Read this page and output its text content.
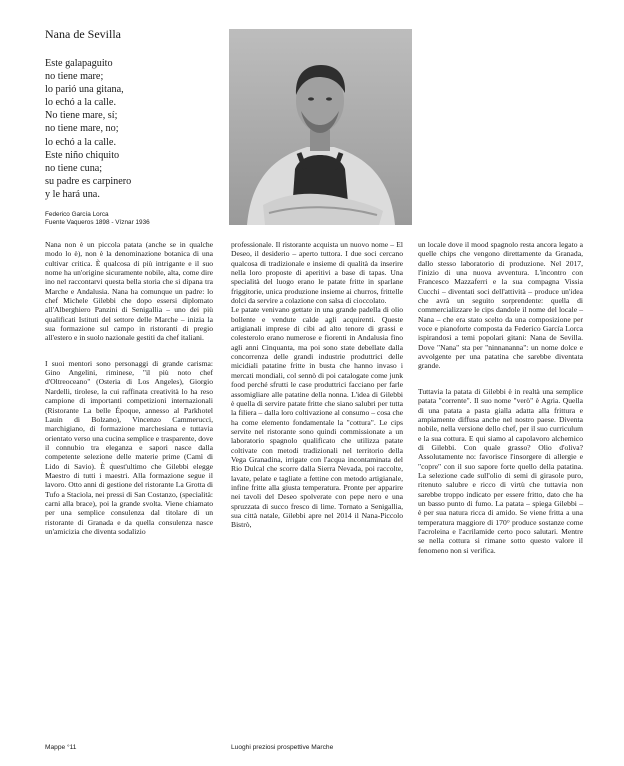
Nana de Sevilla
Este galapaguito
no tiene mare;
lo parió una gitana,
lo echó a la calle.
No tiene mare, sí;
no tiene mare, no;
lo echó a la calle.
Este niño chiquito
no tiene cuna;
su padre es carpinero
y le hará una.
Federico García Lorca
Fuente Vaqueros 1898 - Víznar 1936

Nana non è un piccola patata (anche se in qualche modo lo è), non è la denominazione botanica di una cultivar critica. È qualcosa di più intrigante e il suo nome ha un'origine sicuramente nobile, alta, come dire ino nel raccontarvi questa bella storia che si dipana tra Marche e Andalusia. Nana ha comunque un padre: lo chef Michele Gilebbi che dopo essersi diplomato all'Alberghiero Panzini di Senigallia – uno dei più qualificati Istituti del settore delle Marche – inizia la sua formazione sul campo in ristoranti di pregio all'estero e in suolo nazionale gestiti da chef italiani.

I suoi mentori sono personaggi di grande carisma: Gino Angelini, riminese, "il più noto chef d'Oltreoceano" (Osteria di Los Angeles), Giorgio Nardelli, tirolese, la cui raffinata creatività lo ha reso campione di importanti competizioni internazionali (Ristorante La belle Époque, annesso al Parkhotel Lauin di Bolzano), Vincenzo Cammerucci, marchigiano, di formazione marchesiana e tuttavia orientato verso una cucina semplice e trasparente, dove il connubio tra eleganza e sapori nasce dalla competente selezione delle materie prime (Camì di Lido di Savio). È quest'ultimo che Gilebbi elegge Maestro di tutti i maestri. Alla formazione segue il lavoro. Otto anni di gestione del ristorante La Grotta di Tufo a Staciola, nei pressi di San Costanzo, (specialità: carni alla brace), poi la grande svolta. Viene chiamato per una semplice consulenza dal titolare di un ristorante di Granada e da quella consulenza nasce un'amicizia che diventa sodalizio

professionale. Il ristorante acquista un nuovo nome – El Deseo, il desiderio – aperto tuttora. I due soci cercano qualcosa di tradizionale e insieme di qualità da inserire nella loro proposte di aperitivi a base di tapas. Una specialità del luogo erano le patate fritte in sparlane friggitorie, unica produzione insieme ai churros, frittelle dolci da servire a colazione con salsa di cioccolato.

Le patate venivano gettate in una grande padella di olio bollente e vendute calde agli acquirenti. Queste artigianali imprese di cibi ad alto tenore di grassi e colesterolo erano numerose e fiorenti in Andalusia fino agli anni Cinquanta, ma poi sono state debellate dalla concorrenza delle grandi industrie produttrici delle micidiali patatine fritte in busta che hanno invaso i mercati mondiali, col sennò di poi catalogate come junk food perché sfrutti le case produttrici facciano per farle assomigliare alle patatine della nonna. L'idea di Gilebbi è quella di servire patate fritte che siano salubri per tutta la filiera – dalla loro coltivazione al consumo – cosa che ha come elemento fondamentale la "cottura". Le cips servite nel ristorante sono quindi commissionate a un laboratorio spagnolo qualificato che utilizza patate coltivate con metodi tradizionali nel territorio della Vega Granadina, irrigate con l'acqua incontaminata del Rio Dulcal che scorre dalla Sierra Nevada, poi raccolte, lavate, pelate e tagliate a fettine con metodo artigianale, infine fritte alla giusta temperatura. Pronte per apparire nei tavoli del Deseo spolverate con pepe nero e una spruzzata di succo fresco di lime. Tornato a Senigallia, sua città natale, Gilebbi apre nel 2014 il Nana-Piccolo Bistrò,

un locale dove il mood spagnolo resta ancora legato a quelle chips che vengono direttamente da Granada, dallo stesso laboratorio di produzione. Nel 2017, l'inizio di una nuova avventura. L'incontro con Francesco Mazzaferri e la sua compagna Vissia Cucchi – diventati soci dell'attività – produce un'idea che avrà un seguito sorprendente: quella di commercializzare le cips dandole il nome del locale – Nana – che era stato scelto da una composizione per voce e pianoforte composta da Federico García Lorca ispirandosi a temi popolari gitani: Nana de Sevilla. Dove "Nana" sta per "ninnananna": un nome dolce e avvolgente per una patatina che sarebbe diventata grande.

Tuttavia la patata di Gilebbi è in realtà una semplice patata "corrente". Il suo nome "verò" è Agria. Quella di una patata a pasta gialla adatta alla frittura e ampiamente diffusa anche nel nostro paese. Diventa nobile, nella versione dello chef, per il suo curriculum e la sua cottura. E qui siamo al capolavoro alchemico di Gilebbi. Con quale grasso? Olio d'oliva? Assolutamente no: favorisce l'insorgere di allergie e "copre" con il suo sapore forte quello della patatina. La selezione cade sull'olio di semi di girasole puro, ritenuto salubre e ricco di virtù che tuttavia non sarebbe troppo indicato per essere fritto, dato che ha un basso punto di fumo. La patata – spiega Gilebbi – è per sua natura ricca di amido. Se viene fritta a una temperatura maggiore di 170° produce sostanze come l'acroleina e l'acrilamide certo poco salutari. Mentre se nella cottura si rimane sotto questo valore il fenomeno non si verifica.

Mappe °11	Luoghi preziosi prospettive Marche
